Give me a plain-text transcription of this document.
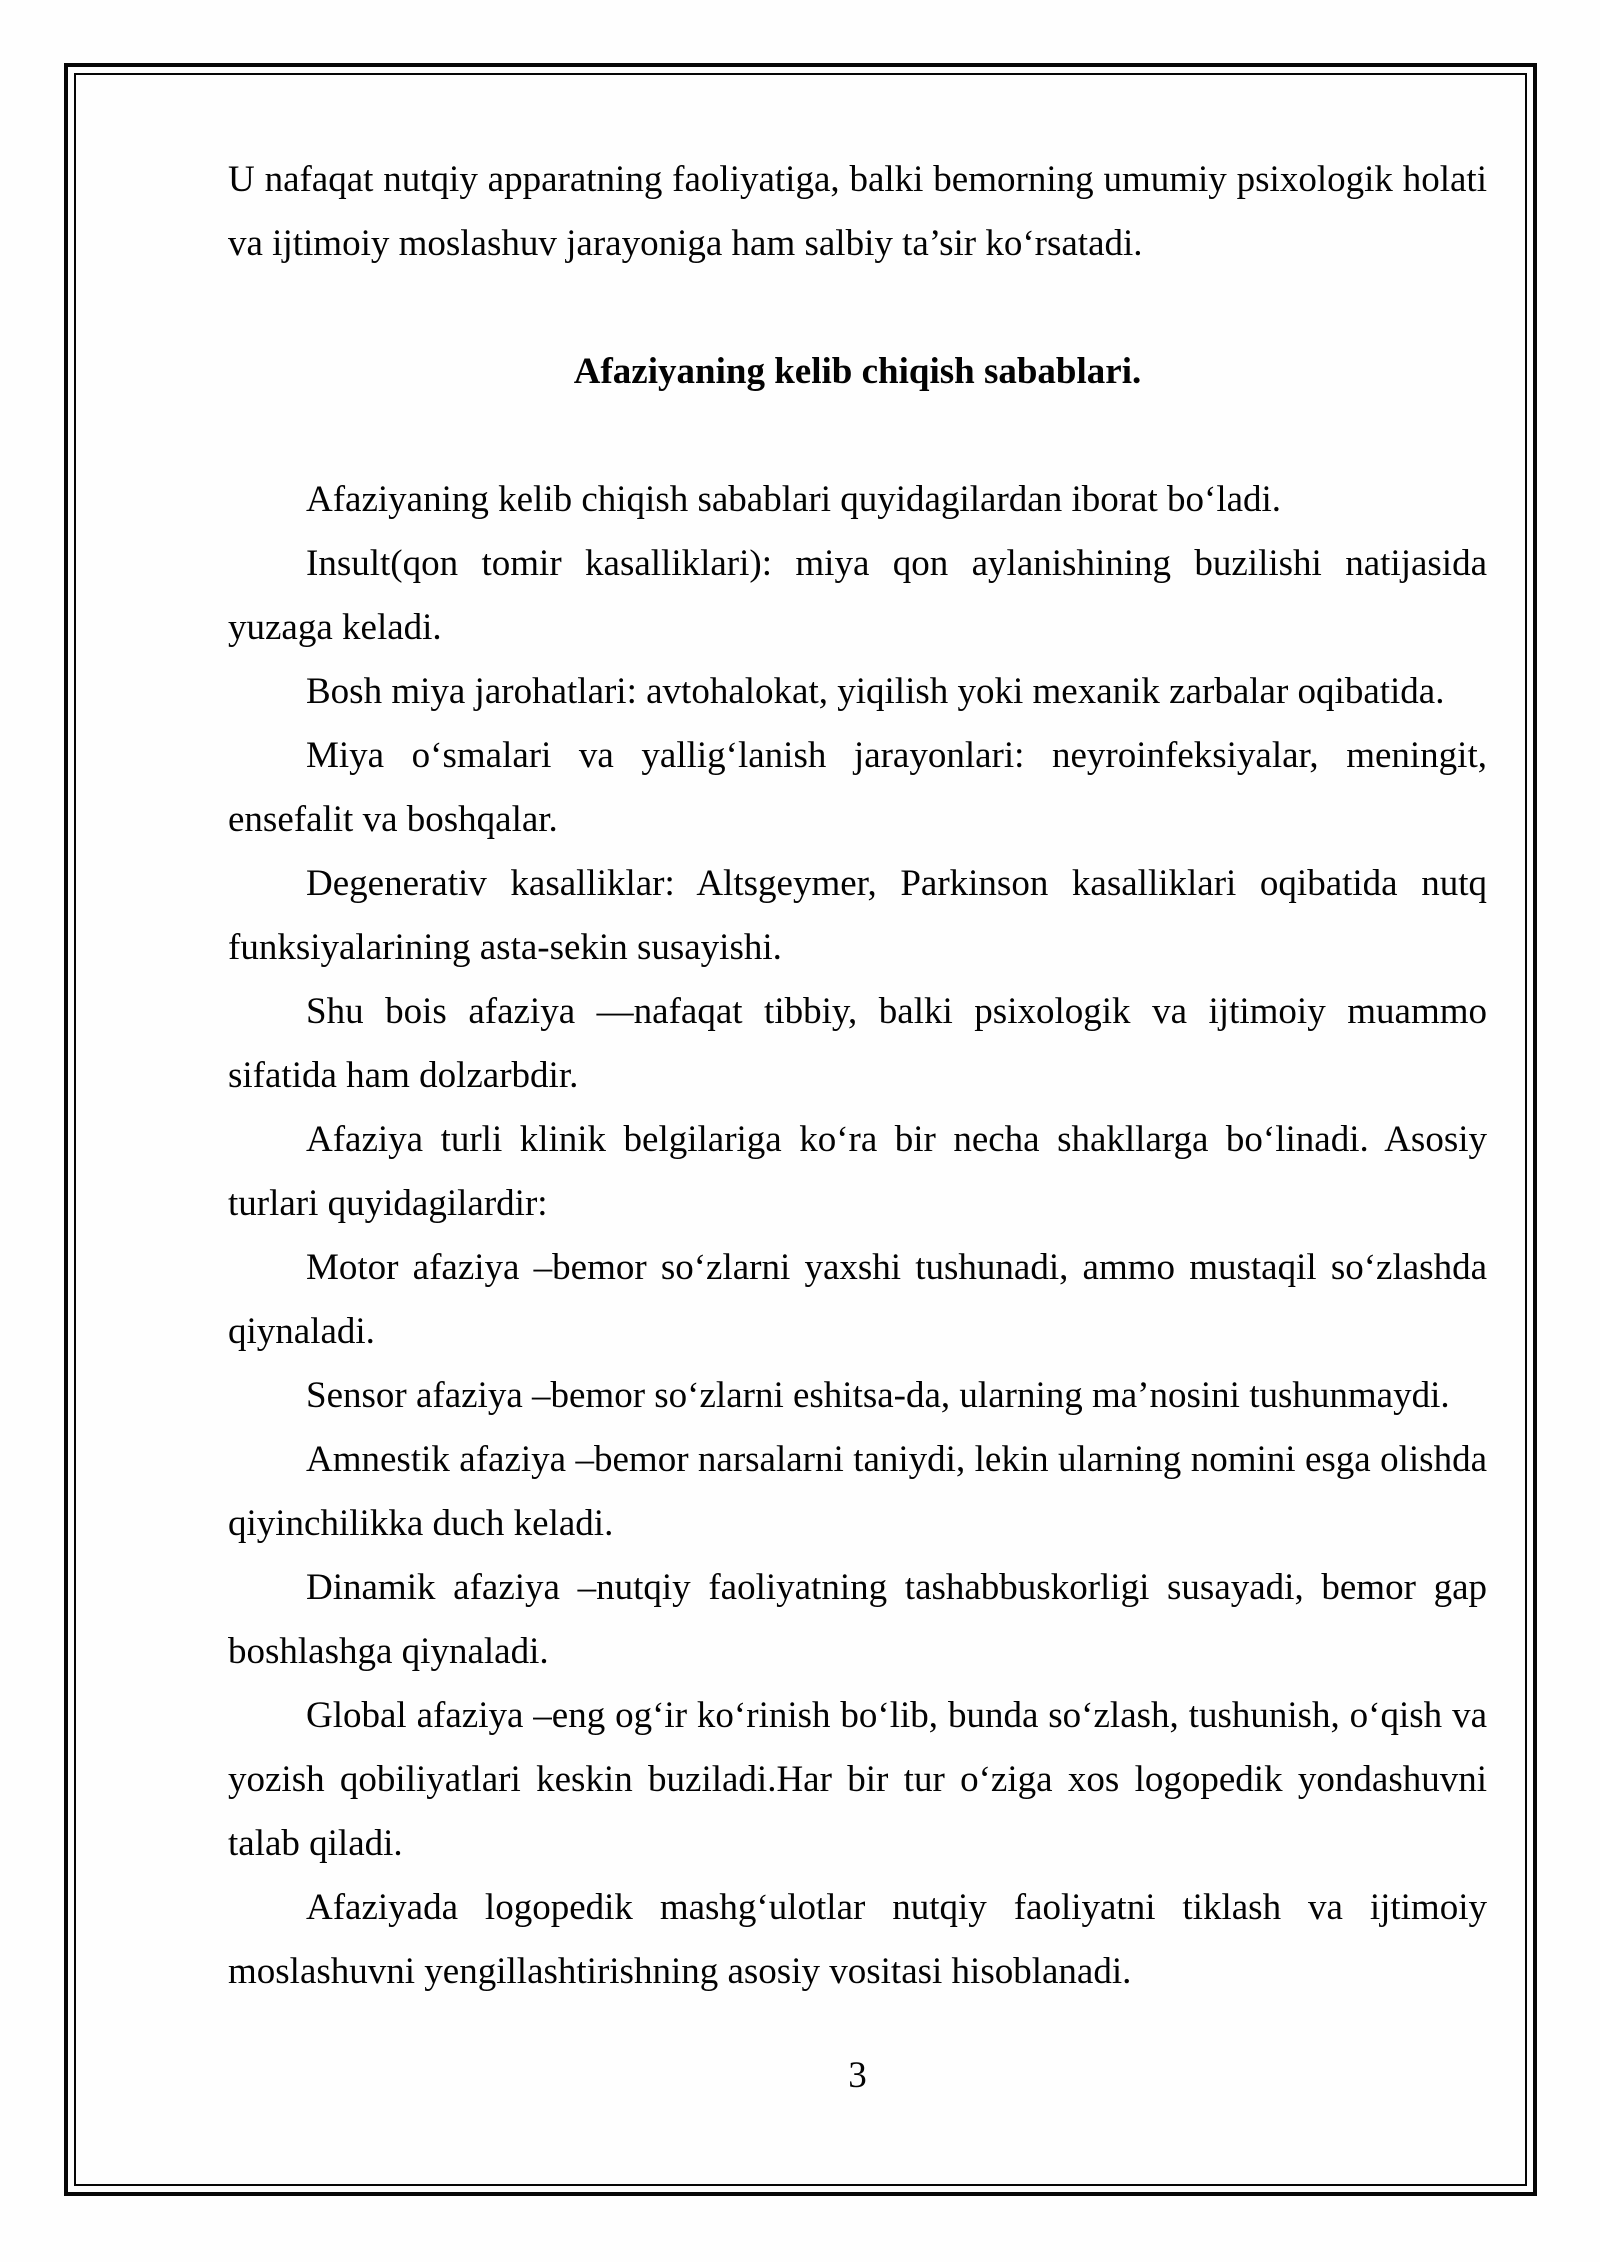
U nafaqat nutqiy apparatning faoliyatiga, balki bemorning umumiy psixologik holati va ijtimoiy moslashuv jarayoniga ham salbiy ta’sir ko‘rsatadi.

Afaziyaning kelib chiqish sabablari.

Afaziyaning kelib chiqish sabablari quyidagilardan iborat bo‘ladi.

Insult(qon tomir kasalliklari): miya qon aylanishining buzilishi natijasida yuzaga keladi.

Bosh miya jarohatlari: avtohalokat, yiqilish yoki mexanik zarbalar oqibatida.

Miya o‘smalari va yallig‘lanish jarayonlari: neyroinfeksiyalar, meningit, ensefalit va boshqalar.

Degenerativ kasalliklar: Altsgeymer, Parkinson kasalliklari oqibatida nutq funksiyalarining asta-sekin susayishi.

Shu bois afaziya —nafaqat tibbiy, balki psixologik va ijtimoiy muammo sifatida ham dolzarbdir.

Afaziya turli klinik belgilariga ko‘ra bir necha shakllarga bo‘linadi. Asosiy turlari quyidagilardir:

Motor afaziya –bemor so‘zlarni yaxshi tushunadi, ammo mustaqil so‘zlashda qiynaladi.

Sensor afaziya –bemor so‘zlarni eshitsa-da, ularning ma’nosini tushunmaydi.

Amnestik afaziya –bemor narsalarni taniydi, lekin ularning nomini esga olishda qiyinchilikka duch keladi.

Dinamik afaziya –nutqiy faoliyatning tashabbuskorligi susayadi, bemor gap boshlashga qiynaladi.

Global afaziya –eng og‘ir ko‘rinish bo‘lib, bunda so‘zlash, tushunish, o‘qish va yozish qobiliyatlari keskin buziladi.Har bir tur o‘ziga xos logopedik yondashuvni talab qiladi.

Afaziyada logopedik mashg‘ulotlar nutqiy faoliyatni tiklash va ijtimoiy moslashuvni yengillashtirishning asosiy vositasi hisoblanadi.

3
